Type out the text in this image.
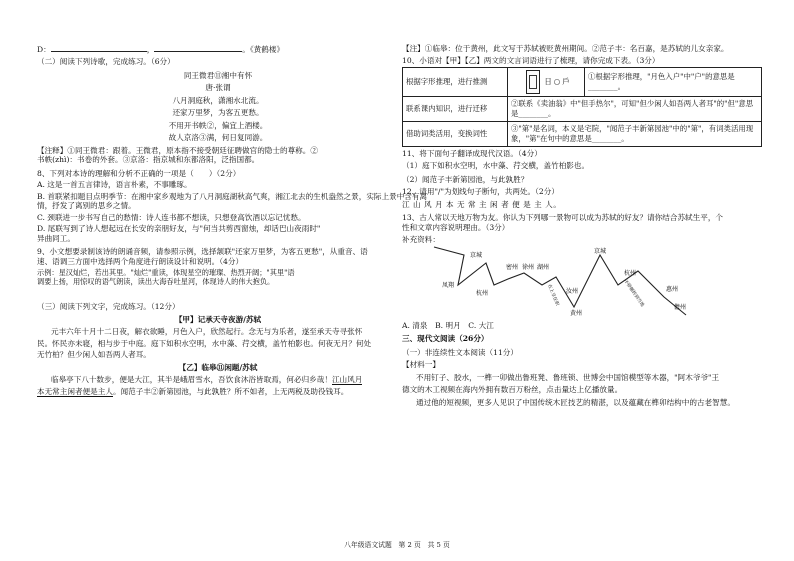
D：	，	。《黄鹤楼》

（二）阅读下列诗歌，完成练习。（6分）

同王微君⑪湘中有怀

唐·张谓

八月洞庭秋，潇湘水北流。

还家万里梦，为客五更愁。

不用开书帙②，偏宜上酒楼。

故人京洛③满，何日复同游。

【注释】①同王微君：跟着。王微君，原本指不接受朝廷征聘做官的隐士的尊称。②

书帙(zhì)：书卷的外套。③京洛：指京城和东都洛阳，泛指国都。

8、下列对本诗的理解和分析不正确的一项是（　　）（2分）

A. 这是一首五言律诗，语言朴素，不事雕琢。

B. 首联紧扣题目点明季节：在湘中家乡观地为了八月洞庭湖秋高气爽，湘江北去的生机盎然之景，实际上景中含有离

情，抒发了离别的思乡之情。

C. 颈联进一步书写自己的愁情：诗人连书都不想读，只想登高饮酒以忘记忧愁。

D. 尾联写到了诗人想起远在长安的亲朋好友，与"何当共剪西窗烛，却话巴山夜雨时"

异曲同工。

9、小文想要录制该诗的朗诵音频，请参照示例，选择颔联"还家万里梦，为客五更愁"，从重音、语

速、语调三方面中选择两个角度进行朗读设计和说明。（4分）

示例：星汉灿烂，若出其里。"灿烂"重读，体现星空的璀璨、热烈开阔；"其里"语

调要上扬，用惊叹的语气朗读，读出大海吞吐星河，体现诗人的伟大抱负。

（三）阅读下列文字，完成练习。（12分）

【甲】记承天寺夜游/苏轼

元丰六年十月十二日夜，解衣欲睡，月色入户，欣然起行。念无与为乐者，遂至承天寺寻张怀

民。怀民亦未寝，相与步于中庭。庭下如积水空明，水中藻、荇交横，盖竹柏影也。何夜无月？何处

无竹柏？但少闲人如吾两人者耳。

【乙】临皋⑪闲题/苏轼

临皋亭下八十数步，便是大江，其半是峨眉雪水，吾饮食沐浴皆取焉，何必归乡哉！江山风月

本无常主闲者便是主人。闻范子丰②新第园池，与此孰胜？所不如者，上无两税及助役钱耳。

【注】①临皋：位于黄州，此文写于苏轼被贬黄州期间。②范子丰：名百嘉，是苏轼的儿女亲家。

10、小语对【甲】【乙】两文的文言词语进行了梳理，请你完成下表。（3分）

根据字形推理，进行推测	日 ○ 戶	①根据字形推理，"月色入户"中"户"的意思是________。
联系课内知识，进行迁移	②联系《卖油翁》中"但手热尔"，可知"但少闲人如吾两人者耳"的"但"意思是________。	
借助词类活用，变换词性	③"第"是名词，本义是宅院，"闻范子丰新第园池"中的"第"，有词类活用现象，"第"在句中的意思是________。	

11、将下面句子翻译成现代汉语。（4分）

（1）庭下如积水空明，水中藻、荇交横，盖竹柏影也。

（2）闻范子丰新第园池，与此孰胜？

12、请用"/"为划线句子断句，共两处。（2分）

江 山 风 月 本 无 常 主 闲 者 便 是 主 人。

13、古人常以天地万物为友。你认为下列哪一景物可以成为苏轼的好友？请你结合苏轼生平，个

性和文章内容说明理由。（3分）

补充资料：

京城
凤翔
密州 徐州 湖州
杭州
黄州
汝州
京城
杭州
惠州
儋州
在上京任职	不停辗转到当地

A. 清泉　B. 明月　C. 大江

三、现代文阅读（26分）

（一）非连续性文本阅读（11分）

【材料一】

不用钉子、胶水，一榫一卯做出鲁班凳、鲁班锁、世博会中国馆模型等木器，"阿木爷爷"王

德文的木工视频在海内外拥有数百万粉丝，点击量达上亿播放量。

通过他的短视频，更多人见识了中国传统木匠技艺的精湛，以及蕴藏在榫卯结构中的古老智慧。

八年级语文试题　第 2 页　共 5 页
